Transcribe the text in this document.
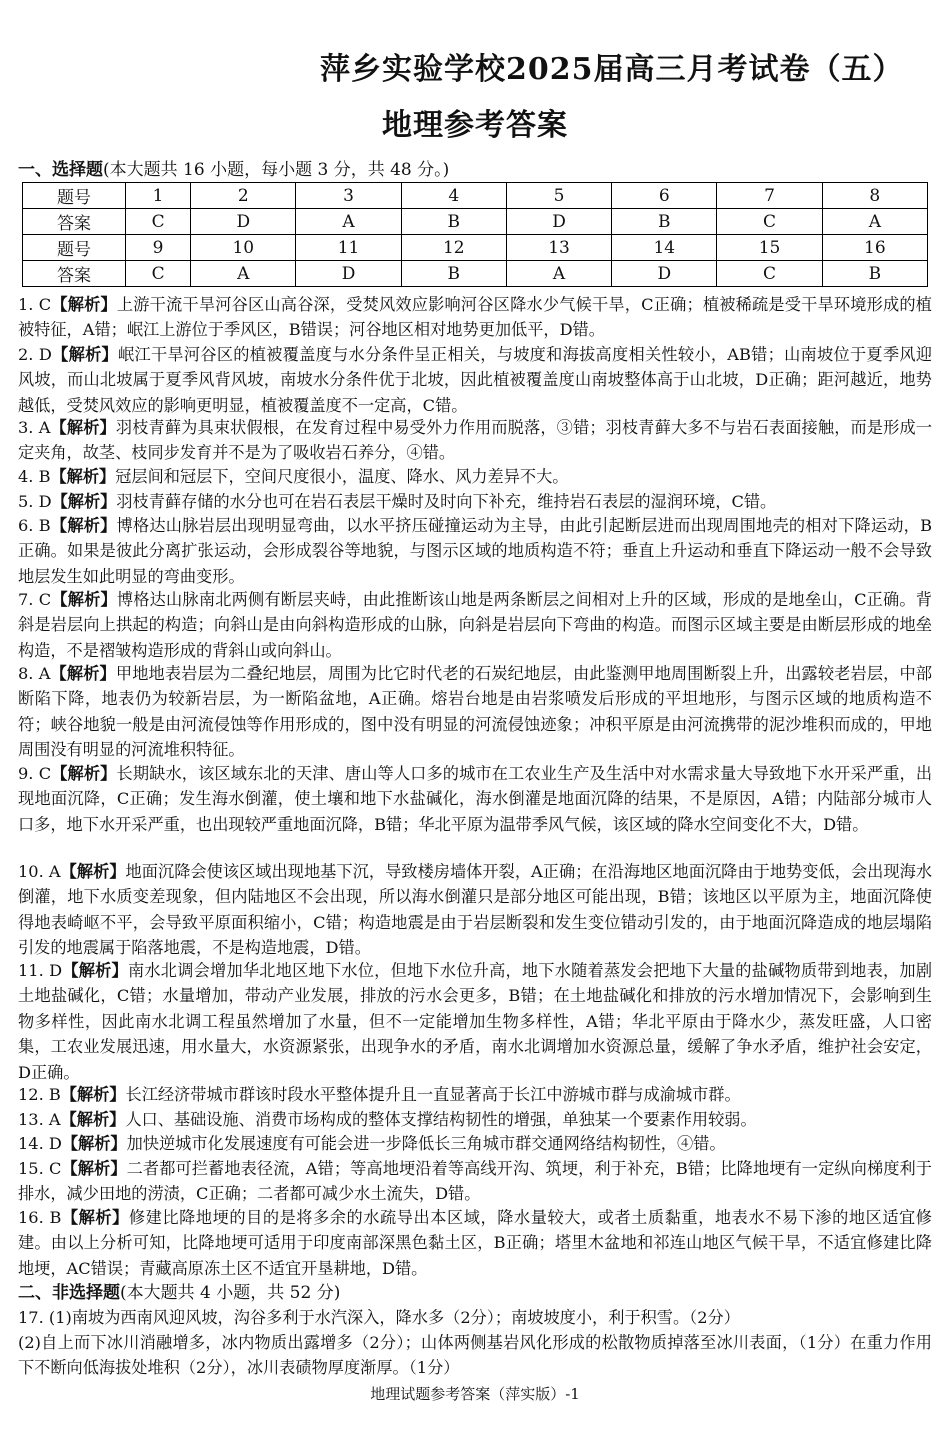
萍乡实验学校2025届高三月考试卷（五）
地理参考答案
一、选择题(本大题共 16 小题，每小题 3 分，共 48 分。)
题号	1	2	3	4	5	6	7	8
答案	C	D	A	B	D	B	C	A
题号	9	10	11	12	13	14	15	16
答案	C	A	D	B	A	D	C	B

1. C【解析】上游干流干旱河谷区山高谷深，受焚风效应影响河谷区降水少气候干旱，C正确；植被稀疏是受干旱环境形成的植被特征，A错；岷江上游位于季风区，B错误；河谷地区相对地势更加低平，D错。

2. D【解析】岷江干旱河谷区的植被覆盖度与水分条件呈正相关，与坡度和海拔高度相关性较小，AB错；山南坡位于夏季风迎风坡，而山北坡属于夏季风背风坡，南坡水分条件优于北坡，因此植被覆盖度山南坡整体高于山北坡，D正确；距河越近，地势越低，受焚风效应的影响更明显，植被覆盖度不一定高，C错。

3. A【解析】羽枝青藓为具束状假根，在发育过程中易受外力作用而脱落，③错；羽枝青藓大多不与岩石表面接触，而是形成一定夹角，故茎、枝同步发育并不是为了吸收岩石养分，④错。

4. B【解析】冠层间和冠层下，空间尺度很小，温度、降水、风力差异不大。

5. D【解析】羽枝青藓存储的水分也可在岩石表层干燥时及时向下补充，维持岩石表层的湿润环境，C错。

6. B【解析】博格达山脉岩层出现明显弯曲，以水平挤压碰撞运动为主导，由此引起断层进而出现周围地壳的相对下降运动，B正确。如果是彼此分离扩张运动，会形成裂谷等地貌，与图示区域的地质构造不符；垂直上升运动和垂直下降运动一般不会导致地层发生如此明显的弯曲变形。

7. C【解析】博格达山脉南北两侧有断层夹峙，由此推断该山地是两条断层之间相对上升的区域，形成的是地垒山，C正确。背斜是岩层向上拱起的构造；向斜山是由向斜构造形成的山脉，向斜是岩层向下弯曲的构造。而图示区域主要是由断层形成的地垒构造，不是褶皱构造形成的背斜山或向斜山。

8. A【解析】甲地地表岩层为二叠纪地层，周围为比它时代老的石炭纪地层，由此鉴测甲地周围断裂上升，出露较老岩层，中部断陷下降，地表仍为较新岩层，为一断陷盆地，A正确。熔岩台地是由岩浆喷发后形成的平坦地形，与图示区域的地质构造不符；峡谷地貌一般是由河流侵蚀等作用形成的，图中没有明显的河流侵蚀迹象；冲积平原是由河流携带的泥沙堆积而成的，甲地周围没有明显的河流堆积特征。

9. C【解析】长期缺水，该区域东北的天津、唐山等人口多的城市在工农业生产及生活中对水需求量大导致地下水开采严重，出现地面沉降，C正确；发生海水倒灌，使土壤和地下水盐碱化，海水倒灌是地面沉降的结果，不是原因，A错；内陆部分城市人口多，地下水开采严重，也出现较严重地面沉降，B错；华北平原为温带季风气候，该区域的降水空间变化不大，D错。

10. A【解析】地面沉降会使该区域出现地基下沉，导致楼房墙体开裂，A正确；在沿海地区地面沉降由于地势变低，会出现海水倒灌，地下水质变差现象，但内陆地区不会出现，所以海水倒灌只是部分地区可能出现，B错；该地区以平原为主，地面沉降使得地表崎岖不平，会导致平原面积缩小，C错；构造地震是由于岩层断裂和发生变位错动引发的，由于地面沉降造成的地层塌陷引发的地震属于陷落地震，不是构造地震，D错。

11. D【解析】南水北调会增加华北地区地下水位，但地下水位升高，地下水随着蒸发会把地下大量的盐碱物质带到地表，加剧土地盐碱化，C错；水量增加，带动产业发展，排放的污水会更多，B错；在土地盐碱化和排放的污水增加情况下，会影响到生物多样性，因此南水北调工程虽然增加了水量，但不一定能增加生物多样性，A错；华北平原由于降水少，蒸发旺盛，人口密集，工农业发展迅速，用水量大，水资源紧张，出现争水的矛盾，南水北调增加水资源总量，缓解了争水矛盾，维护社会安定，D正确。

12. B【解析】长江经济带城市群该时段水平整体提升且一直显著高于长江中游城市群与成渝城市群。

13. A【解析】人口、基础设施、消费市场构成的整体支撑结构韧性的增强，单独某一个要素作用较弱。

14. D【解析】加快逆城市化发展速度有可能会进一步降低长三角城市群交通网络结构韧性，④错。

15. C【解析】二者都可拦蓄地表径流，A错；等高地埂沿着等高线开沟、筑埂，利于补充，B错；比降地埂有一定纵向梯度利于排水，减少田地的涝渍，C正确；二者都可减少水土流失，D错。

16. B【解析】修建比降地埂的目的是将多余的水疏导出本区域，降水量较大，或者土质黏重，地表水不易下渗的地区适宜修建。由以上分析可知，比降地埂可适用于印度南部深黑色黏土区，B正确；塔里木盆地和祁连山地区气候干旱，不适宜修建比降地埂，AC错误；青藏高原冻土区不适宜开垦耕地，D错。

二、非选择题(本大题共 4 小题，共 52 分)

17. (1)南坡为西南风迎风坡，沟谷多利于水汽深入，降水多（2分）；南坡坡度小，利于积雪。（2分）

(2)自上而下冰川消融增多，冰内物质出露增多（2分）；山体两侧基岩风化形成的松散物质掉落至冰川表面，（1分）在重力作用下不断向低海拔处堆积（2分），冰川表碛物厚度渐厚。（1分）

地理试题参考答案（萍实版）-1
